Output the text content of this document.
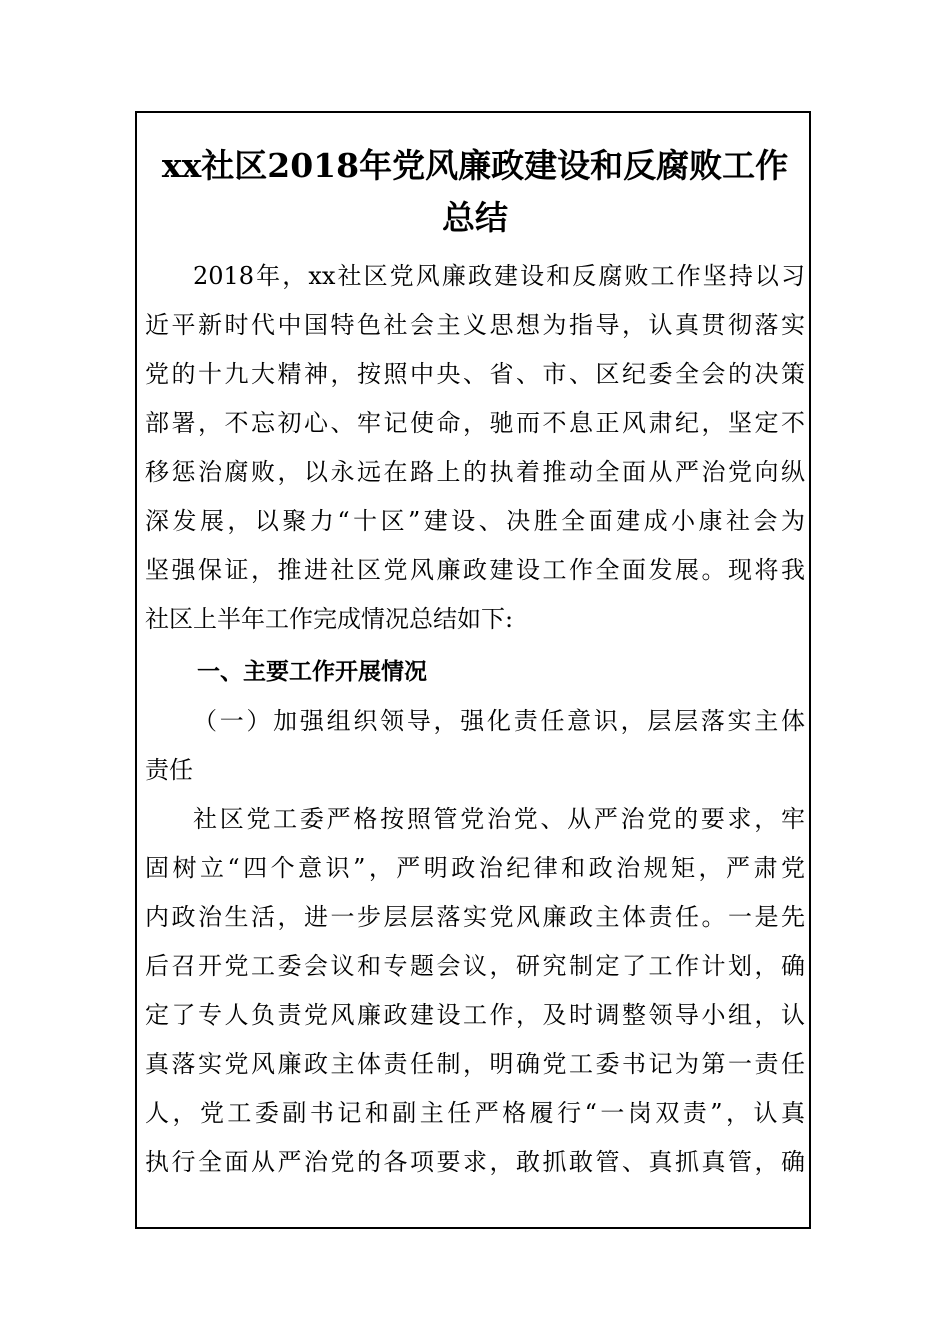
xx社区2018年党风廉政建设和反腐败工作
总结
2018年，xx社区党风廉政建设和反腐败工作坚持以习
近平新时代中国特色社会主义思想为指导，认真贯彻落实
党的十九大精神，按照中央、省、市、区纪委全会的决策
部署，不忘初心、牢记使命，驰而不息正风肃纪，坚定不
移惩治腐败，以永远在路上的执着推动全面从严治党向纵
深发展，以聚力“十区”建设、决胜全面建成小康社会为
坚强保证，推进社区党风廉政建设工作全面发展。现将我
社区上半年工作完成情况总结如下:
一、主要工作开展情况
（一）加强组织领导，强化责任意识，层层落实主体
责任
社区党工委严格按照管党治党、从严治党的要求，牢
固树立“四个意识”，严明政治纪律和政治规矩，严肃党
内政治生活，进一步层层落实党风廉政主体责任。一是先
后召开党工委会议和专题会议，研究制定了工作计划，确
定了专人负责党风廉政建设工作，及时调整领导小组，认
真落实党风廉政主体责任制，明确党工委书记为第一责任
人，党工委副书记和副主任严格履行“一岗双责”，认真
执行全面从严治党的各项要求，敢抓敢管、真抓真管，确
